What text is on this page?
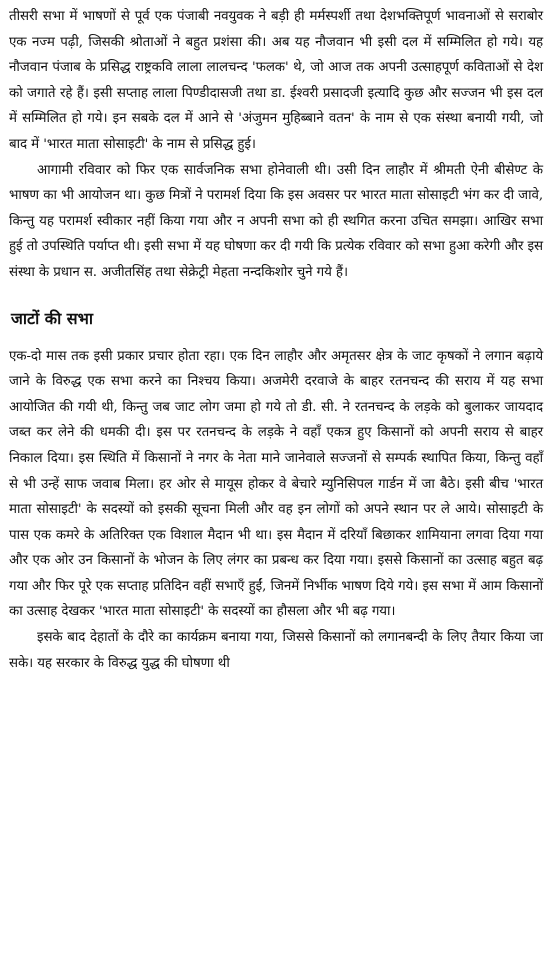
तीसरी सभा में भाषणों से पूर्व एक पंजाबी नवयुवक ने बड़ी ही मर्मस्पर्शी तथा देशभक्तिपूर्ण भावनाओं से सराबोर एक नज्म पढ़ी, जिसकी श्रोताओं ने बहुत प्रशंसा की। अब यह नौजवान भी इसी दल में सम्मिलित हो गये। यह नौजवान पंजाब के प्रसिद्ध राष्ट्रकवि लाला लालचन्द 'फलक' थे, जो आज तक अपनी उत्साहपूर्ण कविताओं से देश को जगाते रहे हैं। इसी सप्ताह लाला पिण्डीदासजी तथा डा. ईश्वरी प्रसादजी इत्यादि कुछ और सज्जन भी इस दल में सम्मिलित हो गये। इन सबके दल में आने से 'अंजुमन मुहिब्बाने वतन' के नाम से एक संस्था बनायी गयी, जो बाद में 'भारत माता सोसाइटी' के नाम से प्रसिद्ध हुई।

आगामी रविवार को फिर एक सार्वजनिक सभा होनेवाली थी। उसी दिन लाहौर में श्रीमती ऐनी बीसेण्ट के भाषण का भी आयोजन था। कुछ मित्रों ने परामर्श दिया कि इस अवसर पर भारत माता सोसाइटी भंग कर दी जावे, किन्तु यह परामर्श स्वीकार नहीं किया गया और न अपनी सभा को ही स्थगित करना उचित समझा। आखिर सभा हुई तो उपस्थिति पर्याप्त थी। इसी सभा में यह घोषणा कर दी गयी कि प्रत्येक रविवार को सभा हुआ करेगी और इस संस्था के प्रधान स. अजीतसिंह तथा सेक्रेट्री मेहता नन्दकिशोर चुने गये हैं।

जाटों की सभा

एक-दो मास तक इसी प्रकार प्रचार होता रहा। एक दिन लाहौर और अमृतसर क्षेत्र के जाट कृषकों ने लगान बढ़ाये जाने के विरुद्ध एक सभा करने का निश्चय किया। अजमेरी दरवाजे के बाहर रतनचन्द की सराय में यह सभा आयोजित की गयी थी, किन्तु जब जाट लोग जमा हो गये तो डी. सी. ने रतनचन्द के लड़के को बुलाकर जायदाद जब्त कर लेने की धमकी दी। इस पर रतनचन्द के लड़के ने वहाँ एकत्र हुए किसानों को अपनी सराय से बाहर निकाल दिया। इस स्थिति में किसानों ने नगर के नेता माने जानेवाले सज्जनों से सम्पर्क स्थापित किया, किन्तु वहाँ से भी उन्हें साफ जवाब मिला। हर ओर से मायूस होकर वे बेचारे म्युनिसिपल गार्डन में जा बैठे। इसी बीच 'भारत माता सोसाइटी' के सदस्यों को इसकी सूचना मिली और वह इन लोगों को अपने स्थान पर ले आये। सोसाइटी के पास एक कमरे के अतिरिक्त एक विशाल मैदान भी था। इस मैदान में दरियाँ बिछाकर शामियाना लगवा दिया गया और एक ओर उन किसानों के भोजन के लिए लंगर का प्रबन्ध कर दिया गया। इससे किसानों का उत्साह बहुत बढ़ गया और फिर पूरे एक सप्ताह प्रतिदिन वहीं सभाएँ हुईं, जिनमें निर्भीक भाषण दिये गये। इस सभा में आम किसानों का उत्साह देखकर 'भारत माता सोसाइटी' के सदस्यों का हौसला और भी बढ़ गया।

इसके बाद देहातों के दौरे का कार्यक्रम बनाया गया, जिससे किसानों को लगानबन्दी के लिए तैयार किया जा सके। यह सरकार के विरुद्ध युद्ध की घोषणा थी
